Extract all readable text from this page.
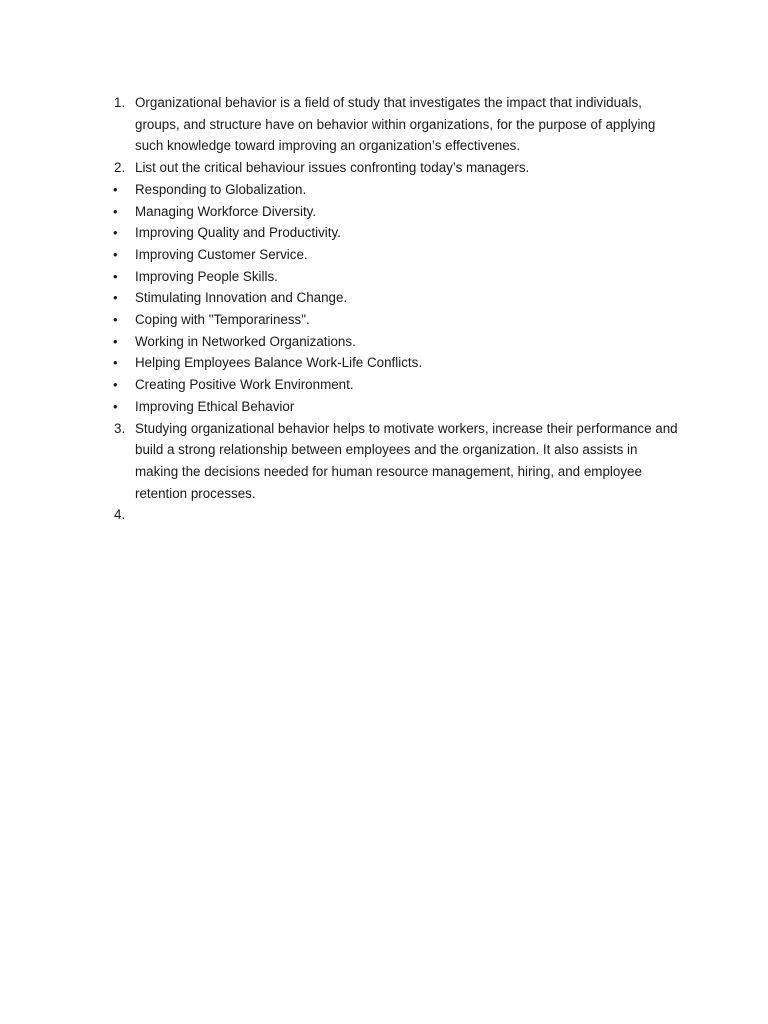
1. Organizational behavior is a field of study that investigates the impact that individuals, groups, and structure have on behavior within organizations, for the purpose of applying such knowledge toward improving an organization’s effectivenes.
2. List out the critical behaviour issues confronting today’s managers.
•	Responding to Globalization.
•	Managing Workforce Diversity.
•	Improving Quality and Productivity.
•	Improving Customer Service.
•	Improving People Skills.
•	Stimulating Innovation and Change.
•	Coping with "Temporariness".
•	Working in Networked Organizations.
•	Helping Employees Balance Work-Life Conflicts.
•	Creating Positive Work Environment.
•	Improving Ethical Behavior
3. Studying organizational behavior helps to motivate workers, increase their performance and build a strong relationship between employees and the organization. It also assists in making the decisions needed for human resource management, hiring, and employee retention processes.
4.
